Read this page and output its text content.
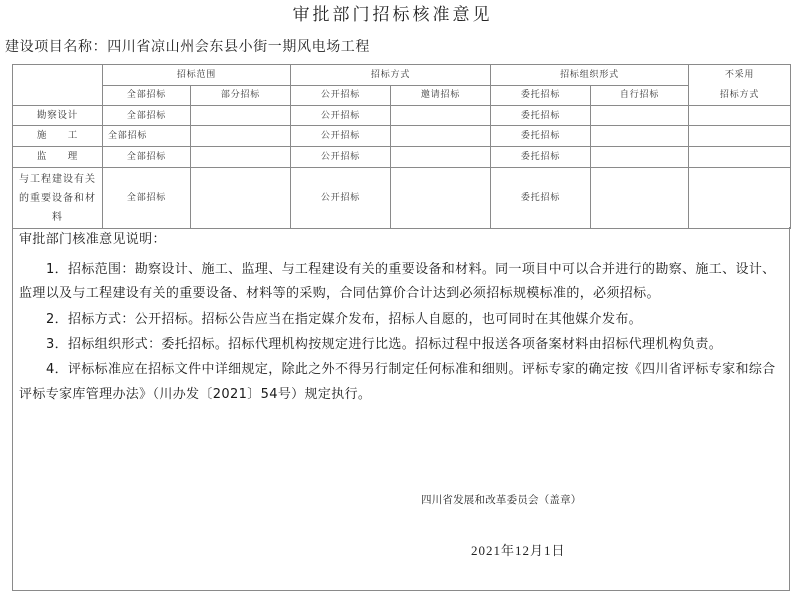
审批部门招标核准意见
建设项目名称：四川省凉山州会东县小街一期风电场工程
	招标范围		招标方式		招标组织形式		不采用
招标方式

	全部招标	部分招标	公开招标	邀请招标	委托招标	自行招标	
勘察设计	全部招标		公开招标		委托招标		
施　　工	全部招标		公开招标		委托招标		
监　　理	全部招标		公开招标		委托招标		

与工程建设有关的重要设备和材料	全部招标		公开招标		委托招标		
审批部门核准意见说明：
1．招标范围：勘察设计、施工、监理、与工程建设有关的重要设备和材料。同一项目中可以合并进行的勘察、施工、设计、
监理以及与工程建设有关的重要设备、材料等的采购，合同估算价合计达到必须招标规模标准的，必须招标。
2．招标方式：公开招标。招标公告应当在指定媒介发布，招标人自愿的，也可同时在其他媒介发布。
3．招标组织形式：委托招标。招标代理机构按规定进行比选。招标过程中报送各项备案材料由招标代理机构负责。
4．评标标准应在招标文件中详细规定，除此之外不得另行制定任何标准和细则。评标专家的确定按《四川省评标专家和综合
评标专家库管理办法》（川办发〔2021〕54号）规定执行。
四川省发展和改革委员会（盖章）
2021年12月1日
